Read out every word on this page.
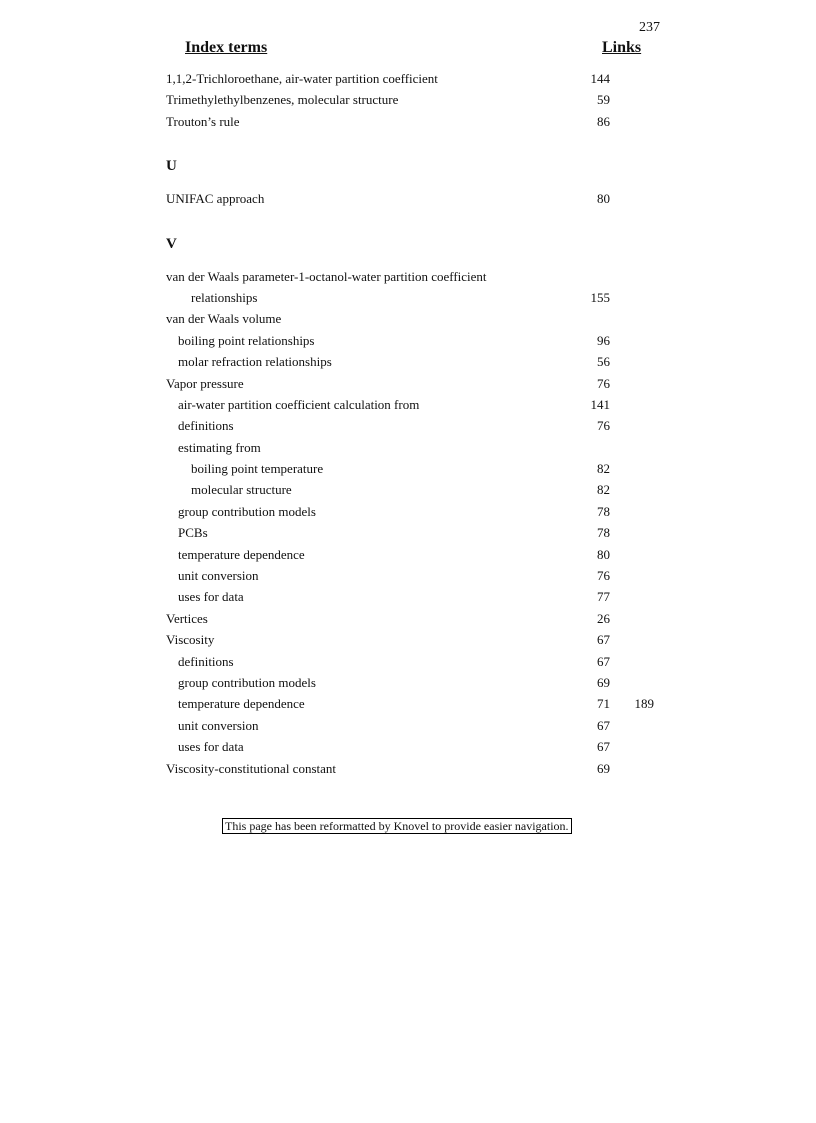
237
Index terms	Links
1,1,2-Trichloroethane, air-water partition coefficient	144
Trimethylethylbenzenes, molecular structure	59
Trouton’s rule	86
U
UNIFAC approach	80
V
van der Waals parameter-1-octanol-water partition coefficient
relationships	155
van der Waals volume
boiling point relationships	96
molar refraction relationships	56
Vapor pressure	76
air-water partition coefficient calculation from	141
definitions	76
estimating from
boiling point temperature	82
molecular structure	82
group contribution models	78
PCBs	78
temperature dependence	80
unit conversion	76
uses for data	77
Vertices	26
Viscosity	67
definitions	67
group contribution models	69
temperature dependence	71	189
unit conversion	67
uses for data	67
Viscosity-constitutional constant	69
This page has been reformatted by Knovel to provide easier navigation.
